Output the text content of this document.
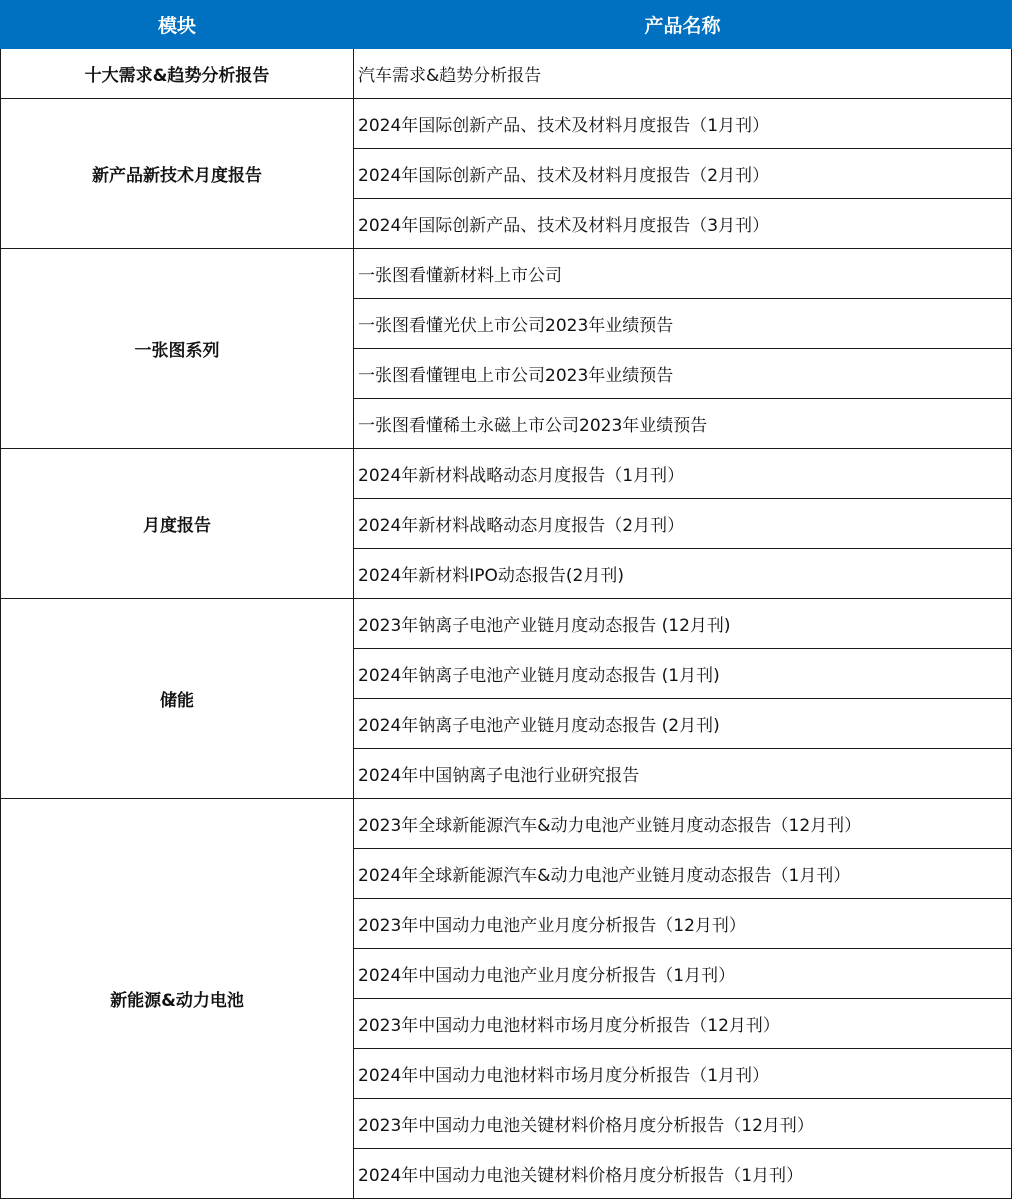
模块	产品名称
十大需求&趋势分析报告	汽车需求&趋势分析报告
新产品新技术月度报告	2024年国际创新产品、技术及材料月度报告（1月刊）
	2024年国际创新产品、技术及材料月度报告（2月刊）
	2024年国际创新产品、技术及材料月度报告（3月刊）
一张图系列	一张图看懂新材料上市公司
	一张图看懂光伏上市公司2023年业绩预告
	一张图看懂锂电上市公司2023年业绩预告
	一张图看懂稀土永磁上市公司2023年业绩预告
月度报告	2024年新材料战略动态月度报告（1月刊）
	2024年新材料战略动态月度报告（2月刊）
	2024年新材料IPO动态报告(2月刊)
储能	2023年钠离子电池产业链月度动态报告 (12月刊)
	2024年钠离子电池产业链月度动态报告 (1月刊)
	2024年钠离子电池产业链月度动态报告 (2月刊)
	2024年中国钠离子电池行业研究报告
新能源&动力电池	2023年全球新能源汽车&动力电池产业链月度动态报告（12月刊）
	2024年全球新能源汽车&动力电池产业链月度动态报告（1月刊）
	2023年中国动力电池产业月度分析报告（12月刊）
	2024年中国动力电池产业月度分析报告（1月刊）
	2023年中国动力电池材料市场月度分析报告（12月刊）
	2024年中国动力电池材料市场月度分析报告（1月刊）
	2023年中国动力电池关键材料价格月度分析报告（12月刊）
	2024年中国动力电池关键材料价格月度分析报告（1月刊）
